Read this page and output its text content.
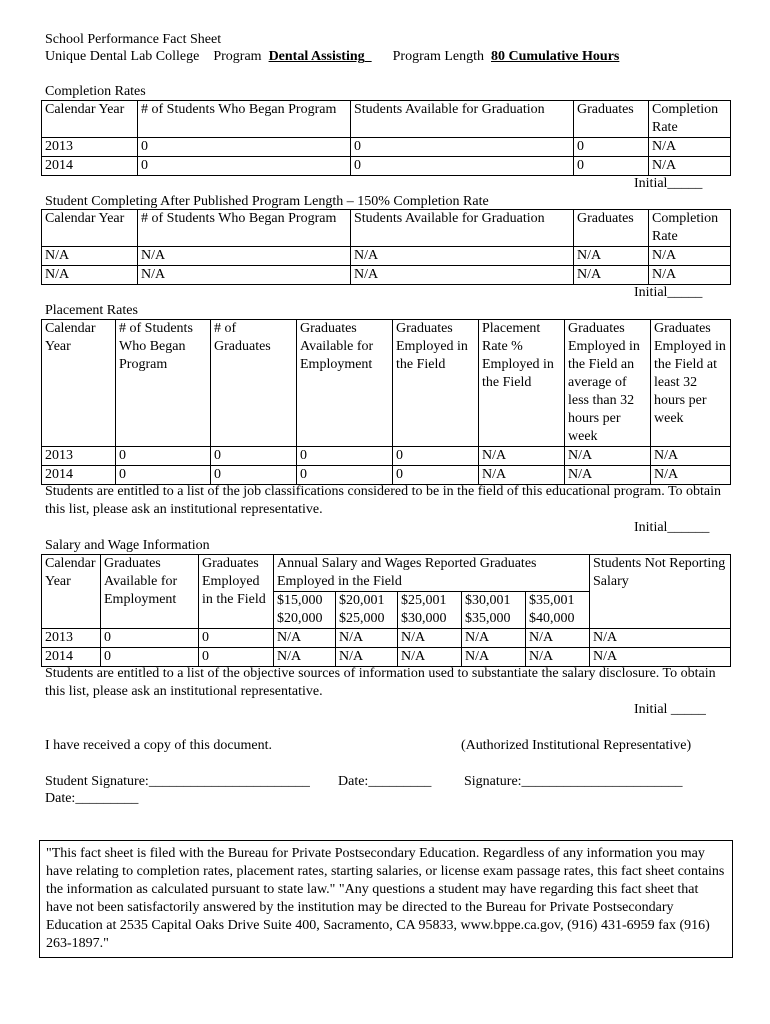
School Performance Fact Sheet
Unique Dental Lab College Program Dental Assisting Program Length 80 Cumulative Hours
Completion Rates
Calendar Year	# of Students Who Began Program	Students Available for Graduation	Graduates	Completion Rate
2013	0	0	0	N/A
2014	0	0	0	N/A
Initial_____
Student Completing After Published Program Length – 150% Completion Rate
Calendar Year	# of Students Who Began Program	Students Available for Graduation	Graduates	Completion Rate
N/A	N/A	N/A	N/A	N/A
N/A	N/A	N/A	N/A	N/A
Initial_____
Placement Rates
Calendar Year	# of Students Who Began Program	# of Graduates	Graduates Available for Employment	Graduates Employed in the Field	Placement Rate % Employed in the Field	Graduates Employed in the Field an average of less than 32 hours per week	Graduates Employed in the Field at least 32 hours per week
2013	0	0	0	0	N/A	N/A	N/A
2014	0	0	0	0	N/A	N/A	N/A
Students are entitled to a list of the job classifications considered to be in the field of this educational program. To obtain this list, please ask an institutional representative.
Initial______
Salary and Wage Information
Calendar Year	Graduates Available for Employment	Graduates Employed in the Field	Annual Salary and Wages Reported Graduates Employed in the Field					Students Not Reporting Salary
			$15,000 $20,000	$20,001 $25,000	$25,001 $30,000	$30,001 $35,000	$35,001 $40,000	
2013	0	0	N/A	N/A	N/A	N/A	N/A	N/A
2014	0	0	N/A	N/A	N/A	N/A	N/A	N/A
Students are entitled to a list of the objective sources of information used to substantiate the salary disclosure. To obtain this list, please ask an institutional representative.
Initial _____
I have received a copy of this document.	(Authorized Institutional Representative)
Student Signature:_______________________ Date:_________ Signature:_______________________
Date:_________
"This fact sheet is filed with the Bureau for Private Postsecondary Education. Regardless of any information you may have relating to completion rates, placement rates, starting salaries, or license exam passage rates, this fact sheet contains the information as calculated pursuant to state law." "Any questions a student may have regarding this fact sheet that have not been satisfactorily answered by the institution may be directed to the Bureau for Private Postsecondary Education at 2535 Capital Oaks Drive Suite 400, Sacramento, CA 95833, www.bppe.ca.gov, (916) 431-6959 fax (916) 263-1897."
